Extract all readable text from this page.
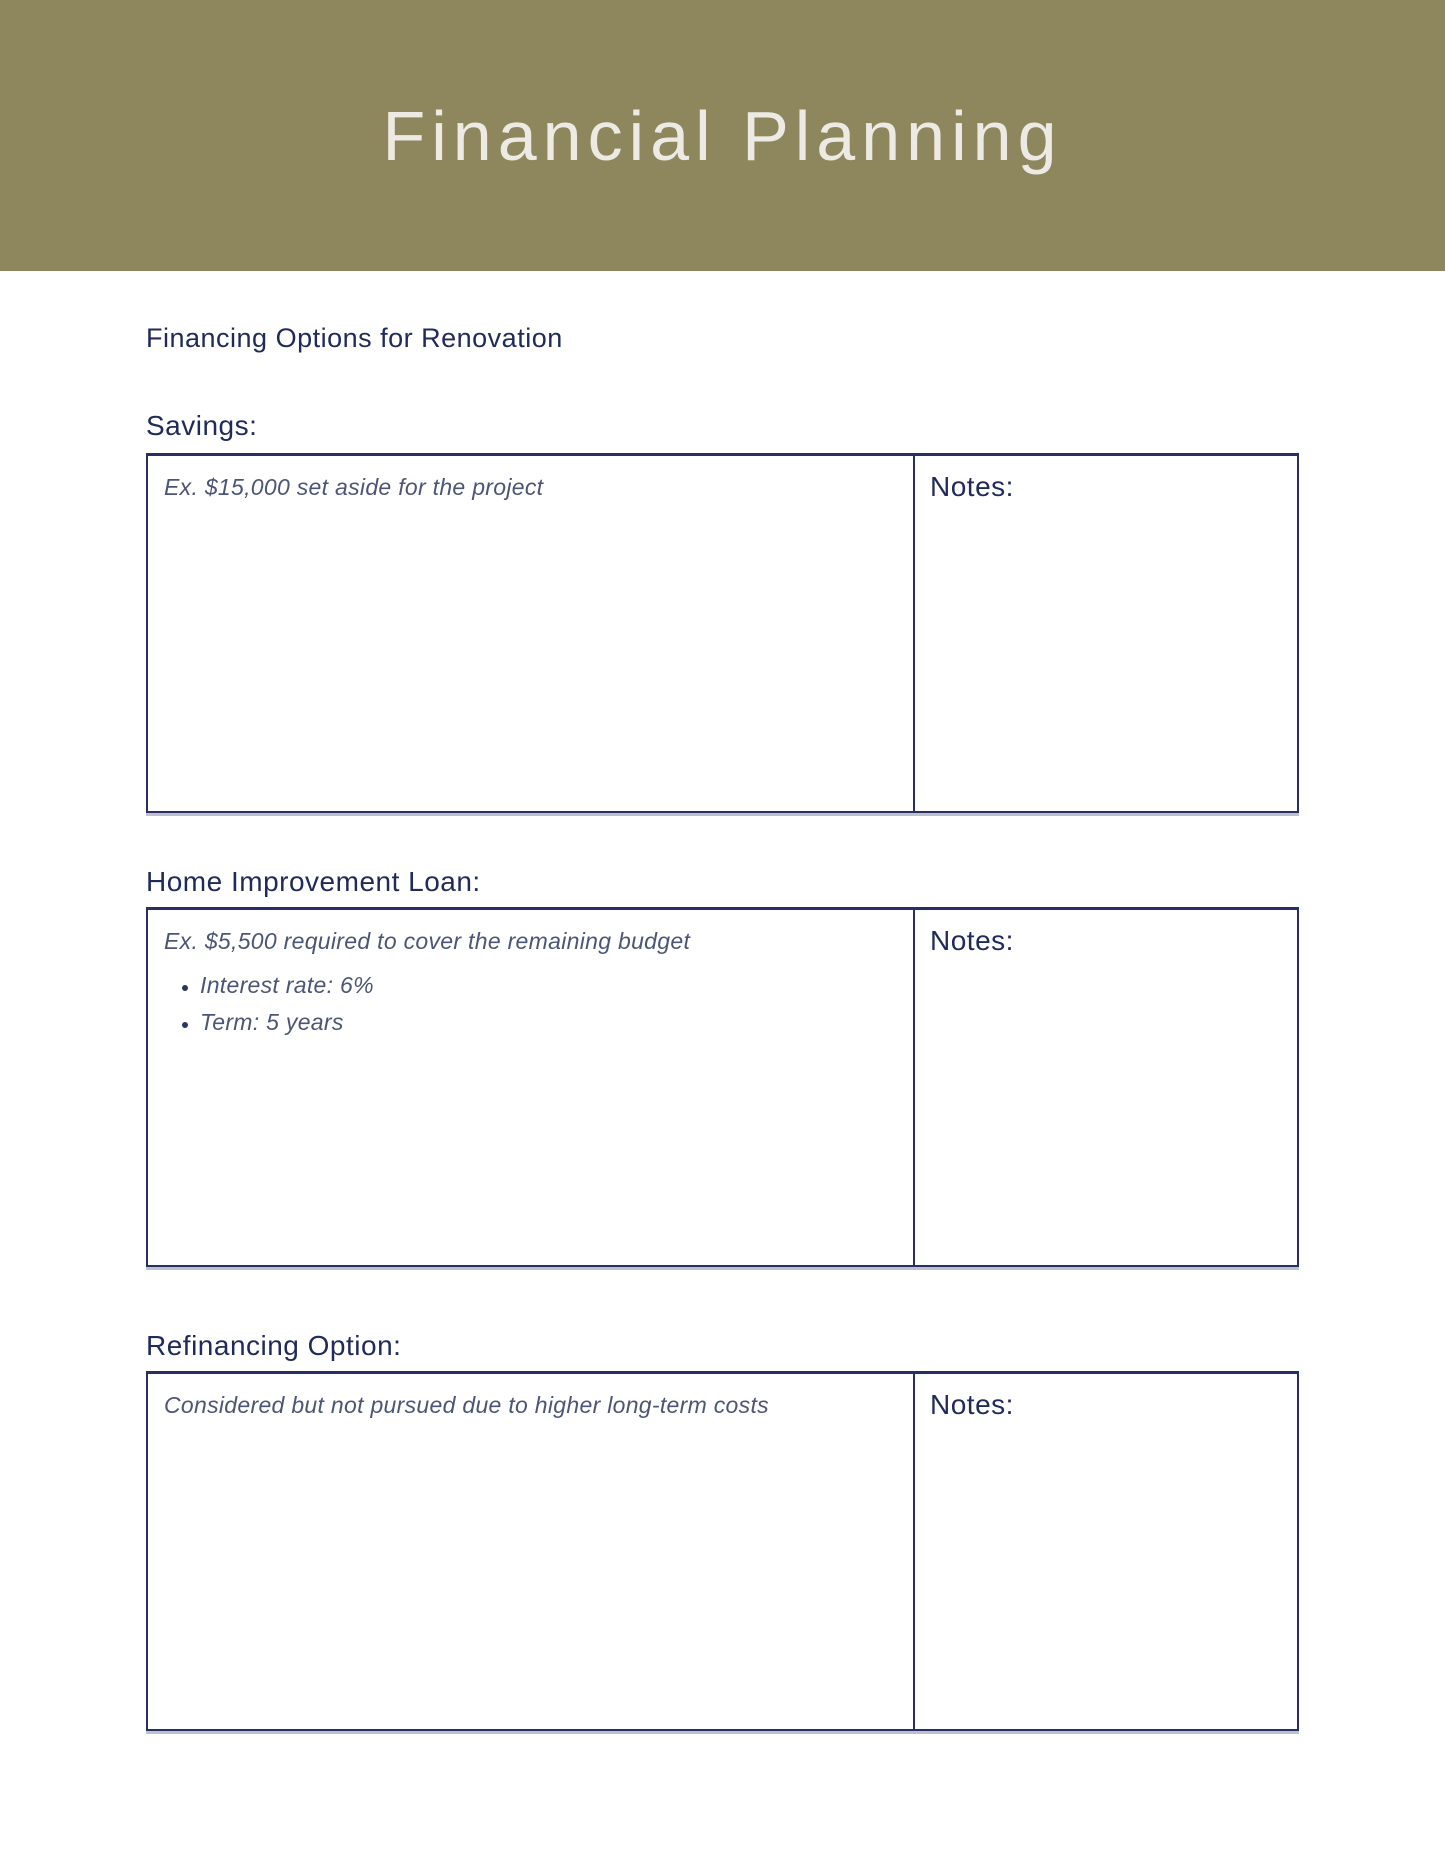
Financial Planning

Financing Options for Renovation

Savings:

Ex. $15,000 set aside for the project	Notes:

Home Improvement Loan:

Ex. $5,500 required to cover the remaining budget

• Interest rate: 6%
• Term: 5 years

Notes:

Refinancing Option:

Considered but not pursued due to higher long-term costs	Notes:
